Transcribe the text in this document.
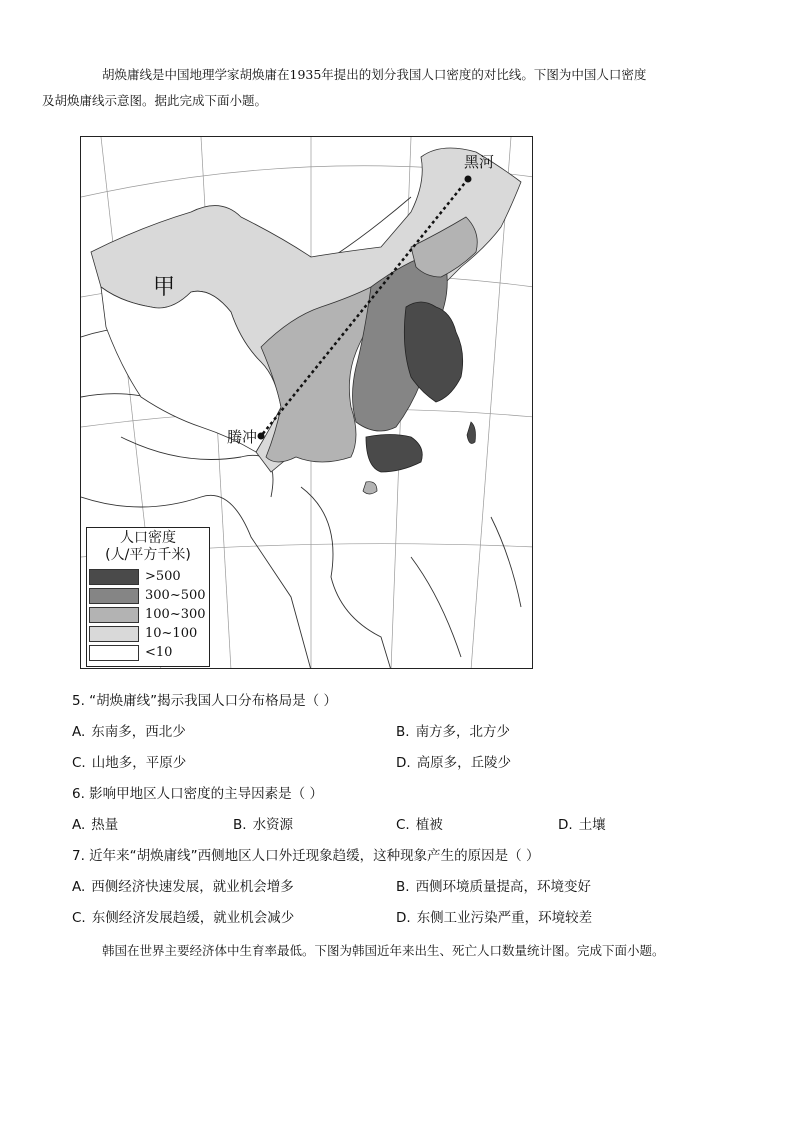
胡焕庸线是中国地理学家胡焕庸在1935年提出的划分我国人口密度的对比线。下图为中国人口密度
及胡焕庸线示意图。据此完成下面小题。

黑河
腾冲
甲
人口密度
(人/平方千米)
>500
300~500
100~300
10~100
<10

5. “胡焕庸线”揭示我国人口分布格局是（ ）

A. 东南多，西北少	B. 南方多，北方少
C. 山地多，平原少	D. 高原多，丘陵少

6. 影响甲地区人口密度的主导因素是（ ）

A. 热量	B. 水资源	C. 植被	D. 土壤

7. 近年来“胡焕庸线”西侧地区人口外迁现象趋缓，这种现象产生的原因是（ ）

A. 西侧经济快速发展，就业机会增多	B. 西侧环境质量提高，环境变好
C. 东侧经济发展趋缓，就业机会减少	D. 东侧工业污染严重，环境较差

韩国在世界主要经济体中生育率最低。下图为韩国近年来出生、死亡人口数量统计图。完成下面小题。
